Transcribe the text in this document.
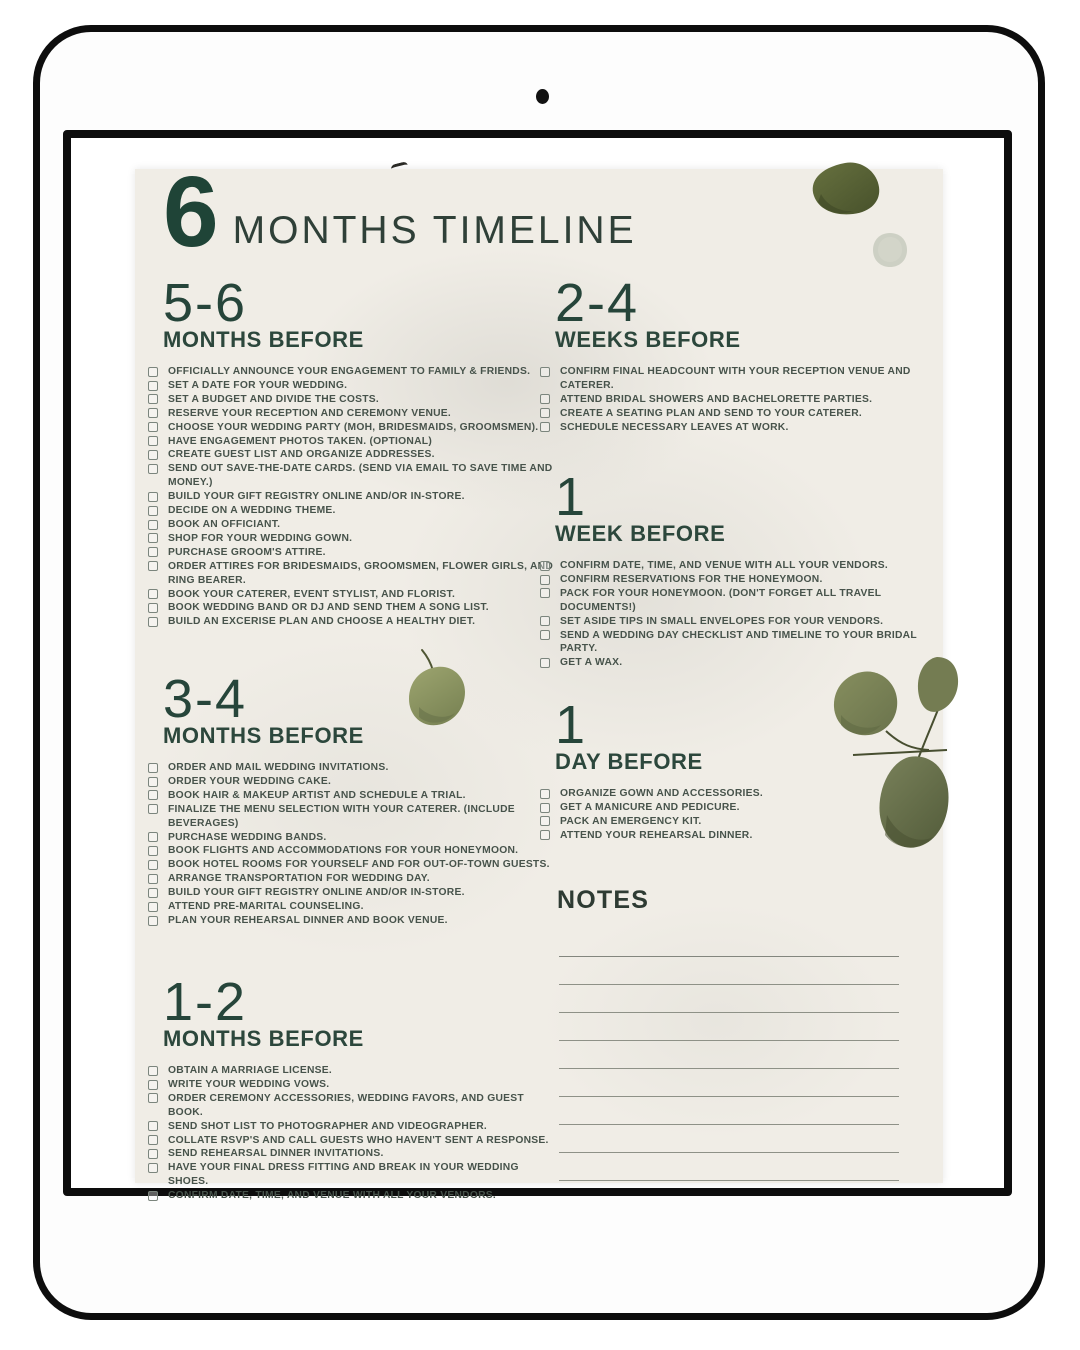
6 MONTHS TIMELINE
5-6
MONTHS BEFORE
OFFICIALLY ANNOUNCE YOUR ENGAGEMENT TO FAMILY & FRIENDS.
SET A DATE FOR YOUR WEDDING.
SET A BUDGET AND DIVIDE THE COSTS.
RESERVE YOUR RECEPTION AND CEREMONY VENUE.
CHOOSE YOUR WEDDING PARTY (MOH, BRIDESMAIDS, GROOMSMEN).
HAVE ENGAGEMENT PHOTOS TAKEN. (OPTIONAL)
CREATE GUEST LIST AND ORGANIZE ADDRESSES.
SEND OUT SAVE-THE-DATE CARDS. (SEND VIA EMAIL TO SAVE TIME AND MONEY.)
BUILD YOUR GIFT REGISTRY ONLINE AND/OR IN-STORE.
DECIDE ON A WEDDING THEME.
BOOK AN OFFICIANT.
SHOP FOR YOUR WEDDING GOWN.
PURCHASE GROOM'S ATTIRE.
ORDER ATTIRES FOR BRIDESMAIDS, GROOMSMEN, FLOWER GIRLS, AND RING BEARER.
BOOK YOUR CATERER, EVENT STYLIST, AND FLORIST.
BOOK WEDDING BAND OR DJ AND SEND THEM A SONG LIST.
BUILD AN EXCERISE PLAN AND CHOOSE A HEALTHY DIET.
2-4
WEEKS BEFORE
CONFIRM FINAL HEADCOUNT WITH YOUR RECEPTION VENUE AND CATERER.
ATTEND BRIDAL SHOWERS AND BACHELORETTE PARTIES.
CREATE A SEATING PLAN AND SEND TO YOUR CATERER.
SCHEDULE NECESSARY LEAVES AT WORK.
1
WEEK BEFORE
CONFIRM DATE, TIME, AND VENUE WITH ALL YOUR VENDORS.
CONFIRM RESERVATIONS FOR THE HONEYMOON.
PACK FOR YOUR HONEYMOON. (DON'T FORGET ALL TRAVEL DOCUMENTS!)
SET ASIDE TIPS IN SMALL ENVELOPES FOR YOUR VENDORS.
SEND A WEDDING DAY CHECKLIST AND TIMELINE TO YOUR BRIDAL PARTY.
GET A WAX.
3-4
MONTHS BEFORE
ORDER AND MAIL WEDDING INVITATIONS.
ORDER YOUR WEDDING CAKE.
BOOK HAIR & MAKEUP ARTIST AND SCHEDULE A TRIAL.
FINALIZE THE MENU SELECTION WITH YOUR CATERER. (INCLUDE BEVERAGES)
PURCHASE WEDDING BANDS.
BOOK FLIGHTS AND ACCOMMODATIONS FOR YOUR HONEYMOON.
BOOK HOTEL ROOMS FOR YOURSELF AND FOR OUT-OF-TOWN GUESTS.
ARRANGE TRANSPORTATION FOR WEDDING DAY.
BUILD YOUR GIFT REGISTRY ONLINE AND/OR IN-STORE.
ATTEND PRE-MARITAL COUNSELING.
PLAN YOUR REHEARSAL DINNER AND BOOK VENUE.
1
DAY BEFORE
ORGANIZE GOWN AND ACCESSORIES.
GET A MANICURE AND PEDICURE.
PACK AN EMERGENCY KIT.
ATTEND YOUR REHEARSAL DINNER.
1-2
MONTHS BEFORE
OBTAIN A MARRIAGE LICENSE.
WRITE YOUR WEDDING VOWS.
ORDER CEREMONY ACCESSORIES, WEDDING FAVORS, AND GUEST BOOK.
SEND SHOT LIST TO PHOTOGRAPHER AND VIDEOGRAPHER.
COLLATE RSVP'S AND CALL GUESTS WHO HAVEN'T SENT A RESPONSE.
SEND REHEARSAL DINNER INVITATIONS.
HAVE YOUR FINAL DRESS FITTING AND BREAK IN YOUR WEDDING SHOES.
CONFIRM DATE, TIME, AND VENUE WITH ALL YOUR VENDORS.
NOTES
